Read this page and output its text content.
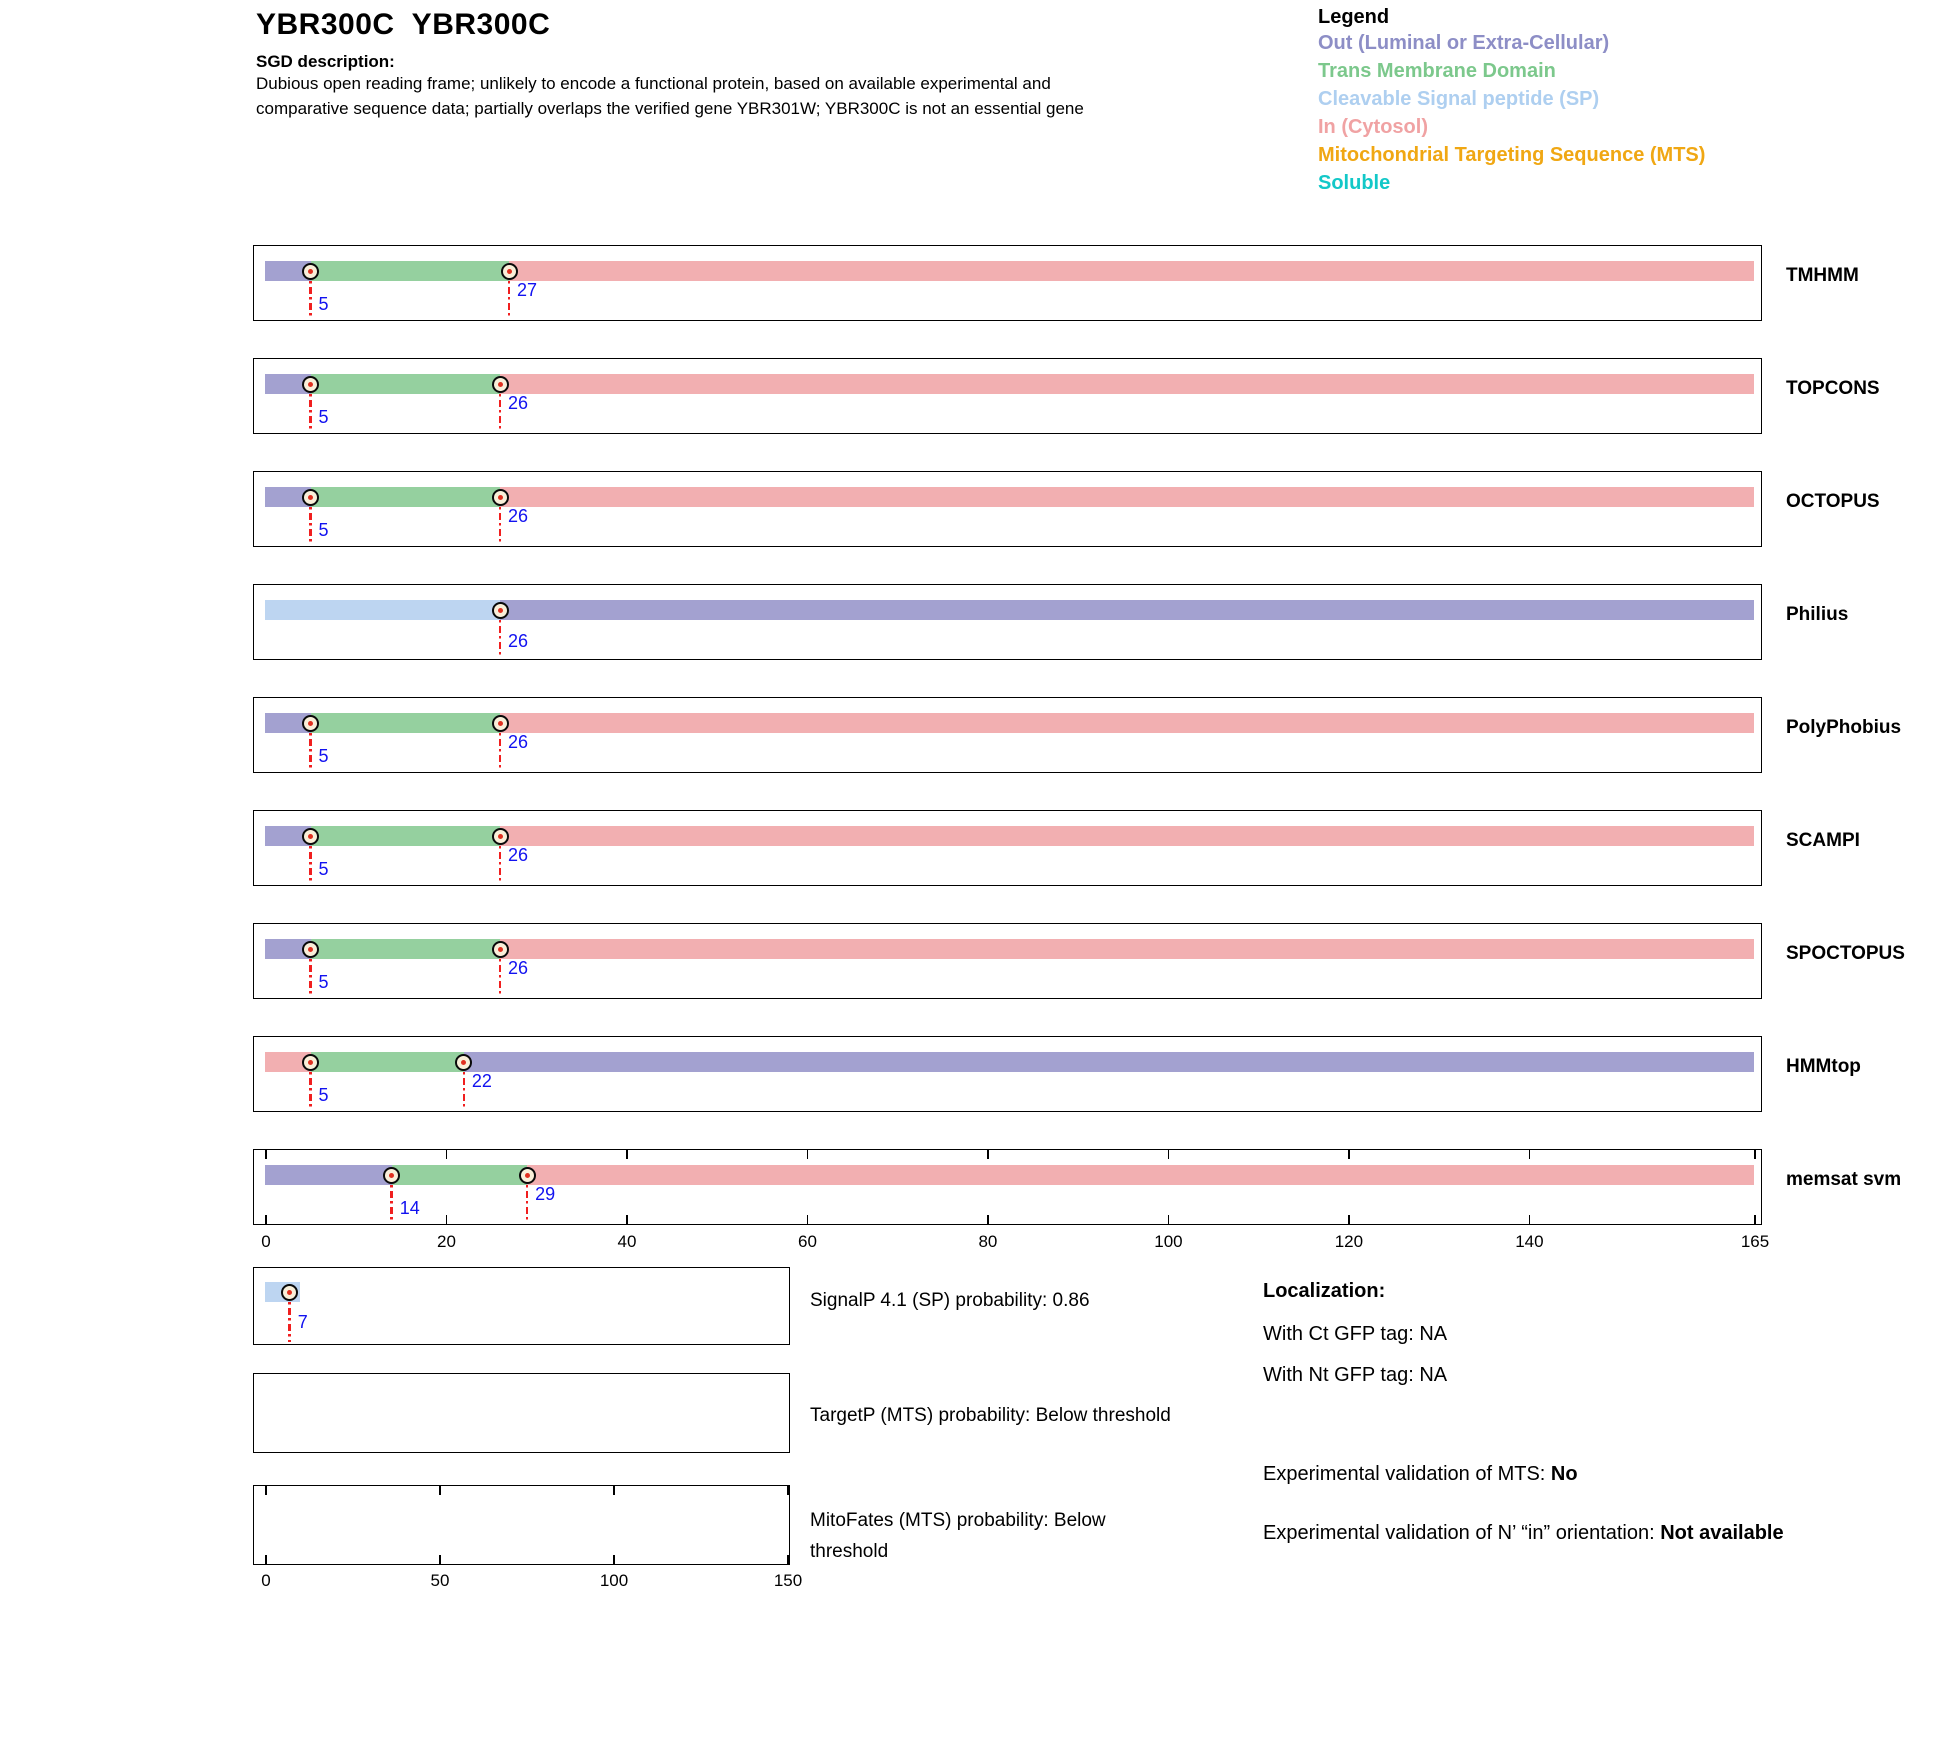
YBR300C  YBR300C
SGD description:
Dubious open reading frame; unlikely to encode a functional protein, based on available experimental and
comparative sequence data; partially overlaps the verified gene YBR301W; YBR300C is not an essential gene
Legend
Out (Luminal or Extra-Cellular)
Trans Membrane Domain
Cleavable Signal peptide (SP)
In (Cytosol)
Mitochondrial Targeting Sequence (MTS)
Soluble
5
27
TMHMM
5
26
TOPCONS
5
26
OCTOPUS
26
Philius
5
26
PolyPhobius
5
26
SCAMPI
5
26
SPOCTOPUS
5
22
HMMtop
14
29
memsat svm
0	20	40	60	80	100	120	140	165
7
0	50	100	150
SignalP 4.1 (SP) probability: 0.86
TargetP (MTS) probability: Below threshold
MitoFates (MTS) probability: Below threshold
Localization:
With Ct GFP tag: NA
With Nt GFP tag: NA
Experimental validation of MTS: No
Experimental validation of N’ “in” orientation: Not available
